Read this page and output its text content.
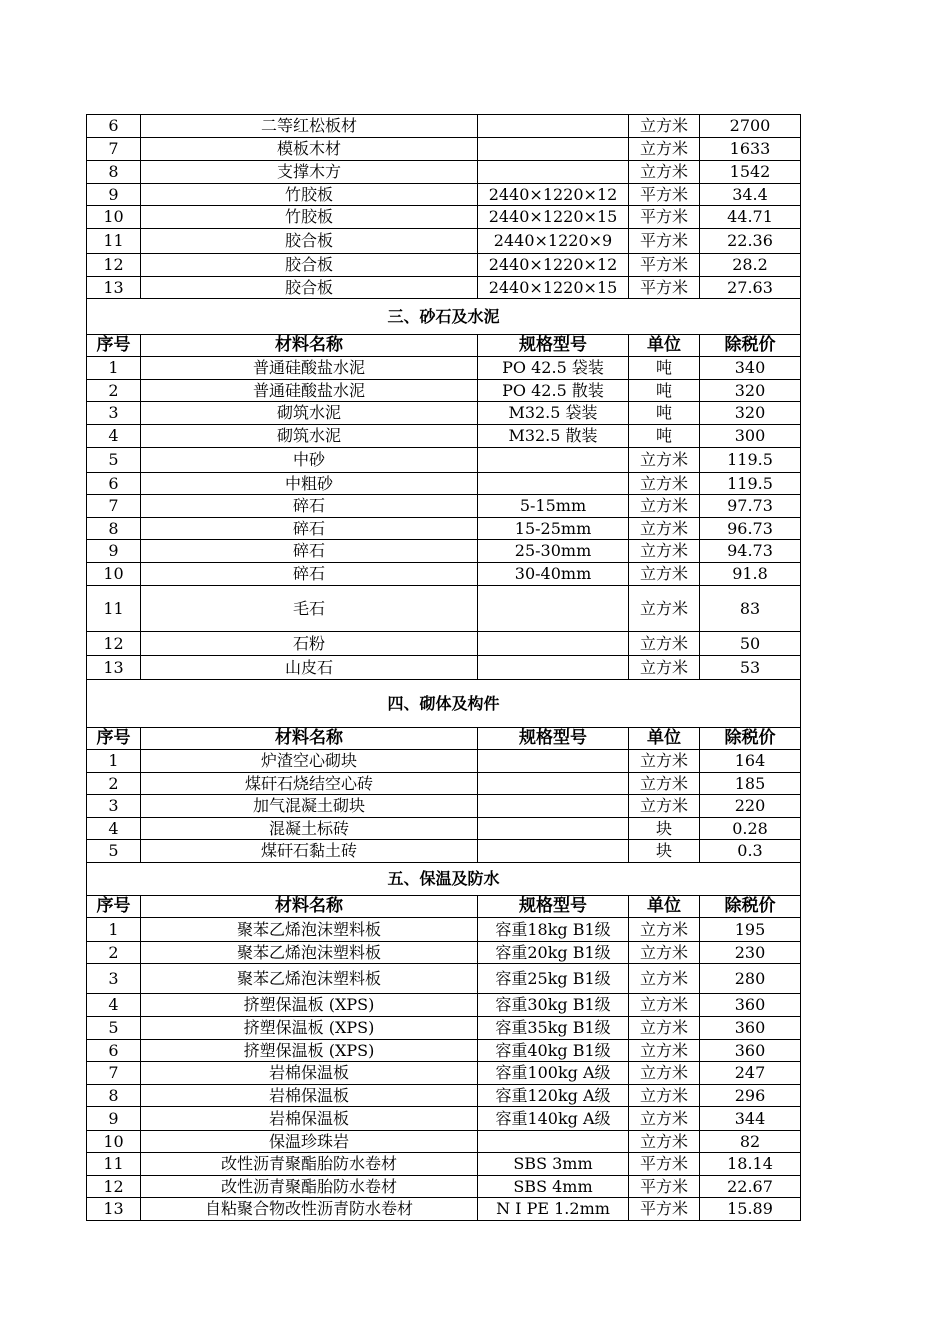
6	二等红松板材		立方米	2700
7	模板木材		立方米	1633
8	支撑木方		立方米	1542
9	竹胶板	2440×1220×12	平方米	34.4
10	竹胶板	2440×1220×15	平方米	44.71
11	胶合板	2440×1220×9	平方米	22.36
12	胶合板	2440×1220×12	平方米	28.2
13	胶合板	2440×1220×15	平方米	27.63
三、砂石及水泥				
序号	材料名称	规格型号	单位	除税价
1	普通硅酸盐水泥	PO 42.5 袋装	吨	340
2	普通硅酸盐水泥	PO 42.5 散装	吨	320
3	砌筑水泥	M32.5 袋装	吨	320
4	砌筑水泥	M32.5 散装	吨	300
5	中砂		立方米	119.5
6	中粗砂		立方米	119.5
7	碎石	5-15mm	立方米	97.73
8	碎石	15-25mm	立方米	96.73
9	碎石	25-30mm	立方米	94.73
10	碎石	30-40mm	立方米	91.8
11	毛石		立方米	83
12	石粉		立方米	50
13	山皮石		立方米	53
四、砌体及构件				
序号	材料名称	规格型号	单位	除税价
1	炉渣空心砌块		立方米	164
2	煤矸石烧结空心砖		立方米	185
3	加气混凝土砌块		立方米	220
4	混凝土标砖		块	0.28
5	煤矸石黏土砖		块	0.3
五、保温及防水				
序号	材料名称	规格型号	单位	除税价
1	聚苯乙烯泡沫塑料板	容重18kg B1级	立方米	195
2	聚苯乙烯泡沫塑料板	容重20kg B1级	立方米	230
3	聚苯乙烯泡沫塑料板	容重25kg B1级	立方米	280
4	挤塑保温板 (XPS)	容重30kg B1级	立方米	360
5	挤塑保温板 (XPS)	容重35kg B1级	立方米	360
6	挤塑保温板 (XPS)	容重40kg B1级	立方米	360
7	岩棉保温板	容重100kg A级	立方米	247
8	岩棉保温板	容重120kg A级	立方米	296
9	岩棉保温板	容重140kg A级	立方米	344
10	保温珍珠岩		立方米	82
11	改性沥青聚酯胎防水卷材	SBS 3mm	平方米	18.14
12	改性沥青聚酯胎防水卷材	SBS 4mm	平方米	22.67
13	自粘聚合物改性沥青防水卷材	N I PE 1.2mm	平方米	15.89
